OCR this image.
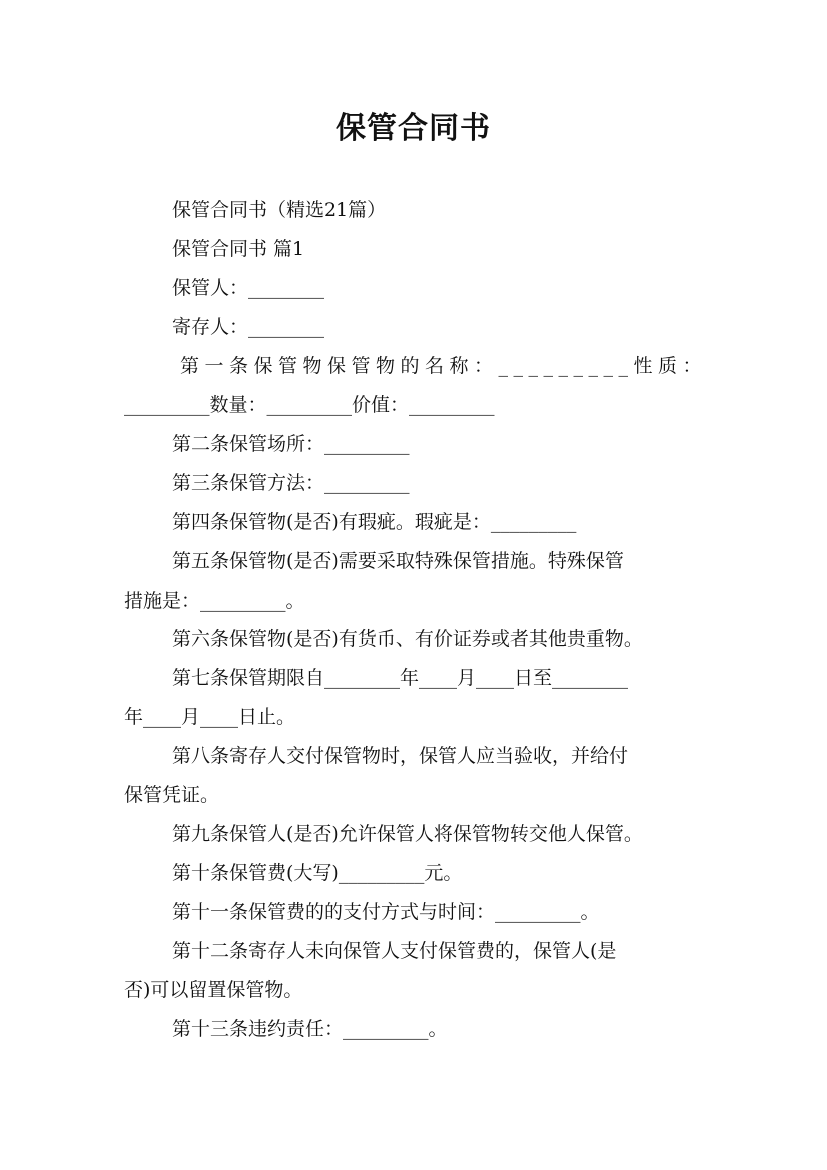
保管合同书
保管合同书（精选21篇）
保管合同书 篇1
保管人：________
寄存人：________
第一条保管物保管物的名称：_________性质：
_________数量：_________价值：_________
第二条保管场所：_________
第三条保管方法：_________
第四条保管物(是否)有瑕疵。瑕疵是：_________
第五条保管物(是否)需要采取特殊保管措施。特殊保管
措施是：_________。
第六条保管物(是否)有货币、有价证券或者其他贵重物。
第七条保管期限自________年____月____日至________
年____月____日止。
第八条寄存人交付保管物时，保管人应当验收，并给付
保管凭证。
第九条保管人(是否)允许保管人将保管物转交他人保管。
第十条保管费(大写)_________元。
第十一条保管费的的支付方式与时间：_________。
第十二条寄存人未向保管人支付保管费的，保管人(是
否)可以留置保管物。
第十三条违约责任：_________。
